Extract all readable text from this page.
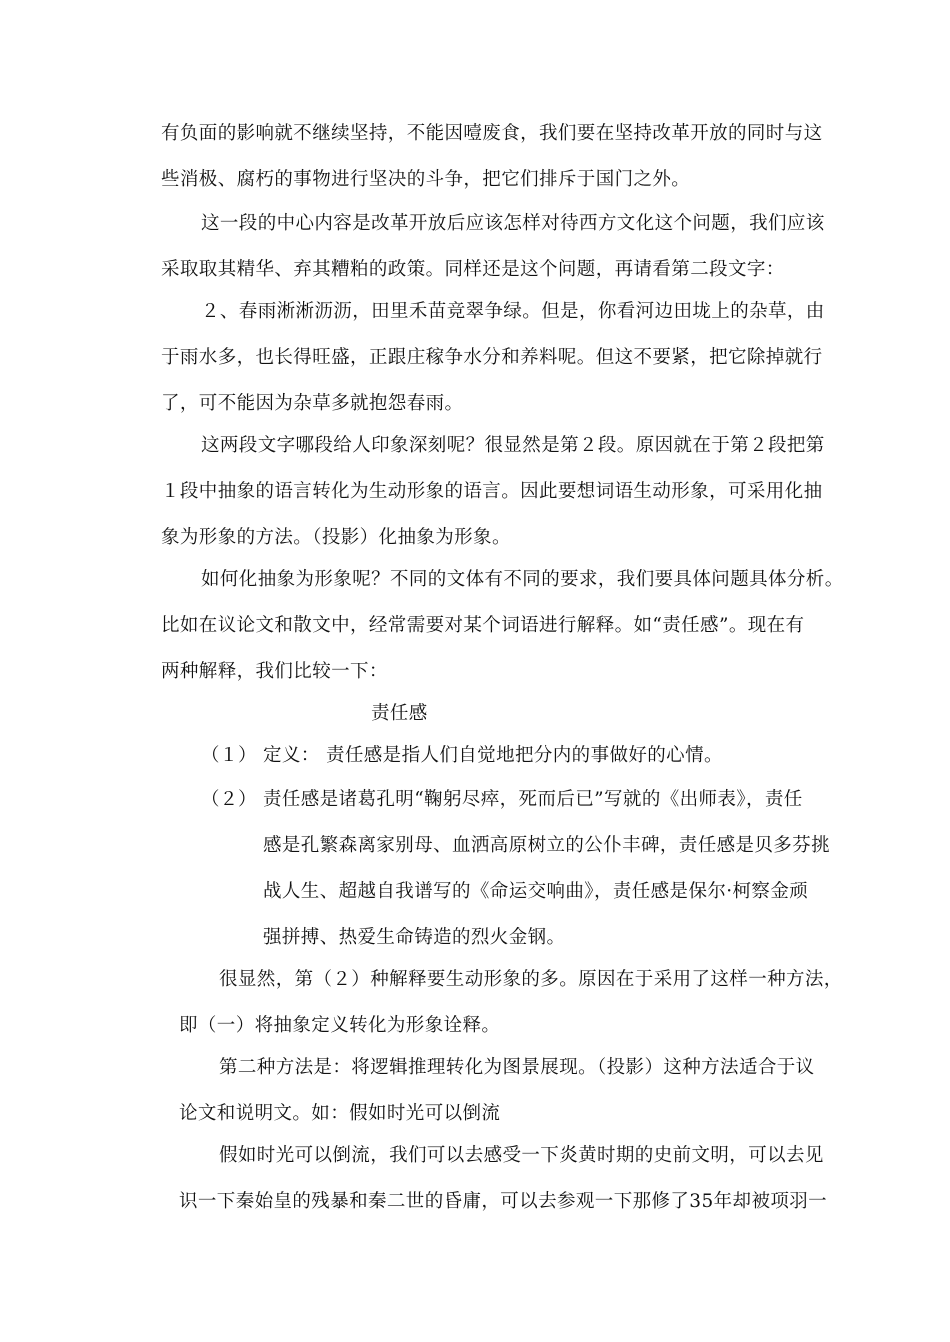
有负面的影响就不继续坚持，不能因噎废食，我们要在坚持改革开放的同时与这

些消极、腐朽的事物进行坚决的斗争，把它们排斥于国门之外。

这一段的中心内容是改革开放后应该怎样对待西方文化这个问题，我们应该

采取取其精华、弃其糟粕的政策。同样还是这个问题，再请看第二段文字：

２、春雨淅淅沥沥，田里禾苗竞翠争绿。但是，你看河边田垅上的杂草，由

于雨水多，也长得旺盛，正跟庄稼争水分和养料呢。但这不要紧，把它除掉就行

了，可不能因为杂草多就抱怨春雨。

这两段文字哪段给人印象深刻呢？很显然是第２段。原因就在于第２段把第

１段中抽象的语言转化为生动形象的语言。因此要想词语生动形象，可采用化抽

象为形象的方法。（投影）化抽象为形象。

如何化抽象为形象呢？不同的文体有不同的要求，我们要具体问题具体分析。

比如在议论文和散文中，经常需要对某个词语进行解释。如“责任感”。现在有

两种解释，我们比较一下：

责任感

（１） 定义： 责任感是指人们自觉地把分内的事做好的心情。

（２） 责任感是诸葛孔明“鞠躬尽瘁，死而后已”写就的《出师表》，责任

感是孔繁森离家别母、血洒高原树立的公仆丰碑，责任感是贝多芬挑

战人生、超越自我谱写的《命运交响曲》，责任感是保尔·柯察金顽

强拼搏、热爱生命铸造的烈火金钢。

很显然，第（２）种解释要生动形象的多。原因在于采用了这样一种方法，

即（一）将抽象定义转化为形象诠释。

第二种方法是：将逻辑推理转化为图景展现。（投影）这种方法适合于议

论文和说明文。如：假如时光可以倒流

假如时光可以倒流，我们可以去感受一下炎黄时期的史前文明，可以去见

识一下秦始皇的残暴和秦二世的昏庸，可以去参观一下那修了35年却被项羽一
